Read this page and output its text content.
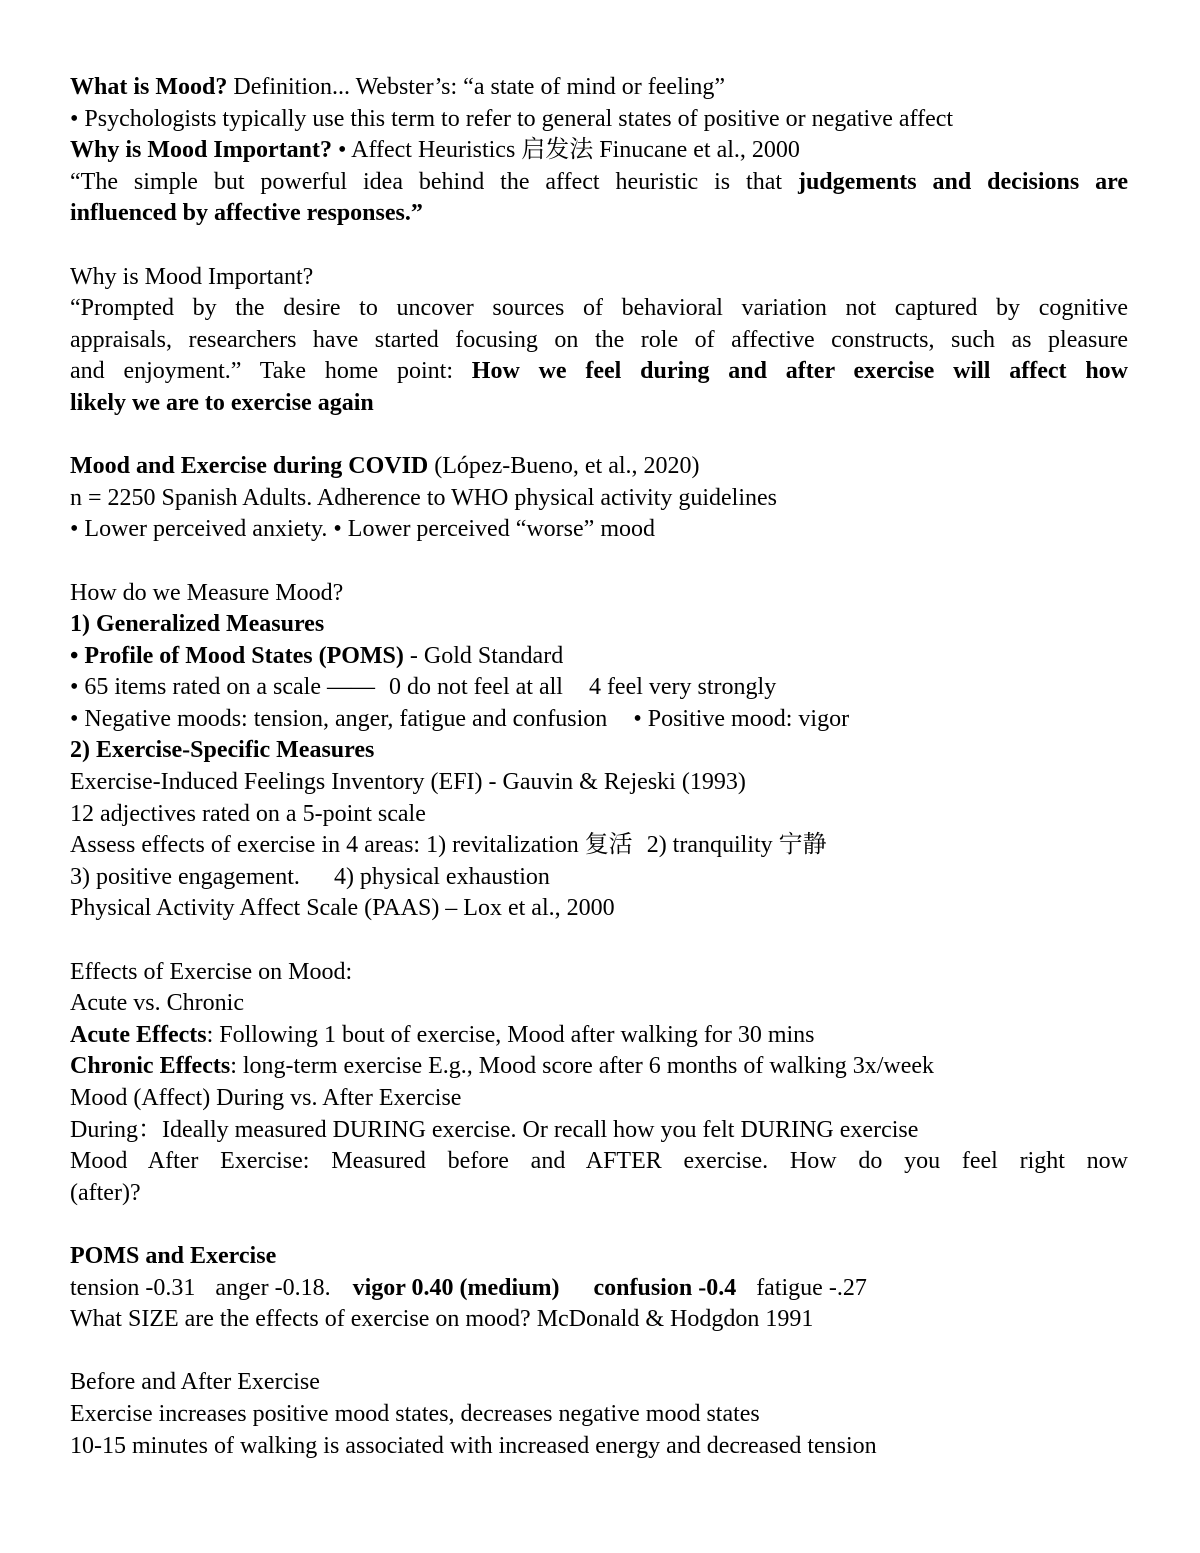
What is Mood? Definition... Webster’s: “a state of mind or feeling”
• Psychologists typically use this term to refer to general states of positive or negative affect
Why is Mood Important? • Affect Heuristics 启发法 Finucane et al., 2000
“The simple but powerful idea behind the affect heuristic is that judgements and decisions are
influenced by affective responses.”
Why is Mood Important?
“Prompted by the desire to uncover sources of behavioral variation not captured by cognitive
appraisals, researchers have started focusing on the role of affective constructs, such as pleasure
and enjoyment.” Take home point: How we feel during and after exercise will affect how
likely we are to exercise again
Mood and Exercise during COVID (López-Bueno, et al., 2020)
n = 2250 Spanish Adults. Adherence to WHO physical activity guidelines
• Lower perceived anxiety. • Lower perceived “worse” mood
How do we Measure Mood?
1) Generalized Measures
• Profile of Mood States (POMS) - Gold Standard
• 65 items rated on a scale —— 0 do not feel at all 4 feel very strongly
• Negative moods: tension, anger, fatigue and confusion • Positive mood: vigor
2) Exercise-Specific Measures
Exercise-Induced Feelings Inventory (EFI) - Gauvin & Rejeski (1993)
12 adjectives rated on a 5-point scale
Assess effects of exercise in 4 areas: 1) revitalization 复活 2) tranquility 宁静
3) positive engagement. 4) physical exhaustion
Physical Activity Affect Scale (PAAS) – Lox et al., 2000
Effects of Exercise on Mood:
Acute vs. Chronic
Acute Effects: Following 1 bout of exercise, Mood after walking for 30 mins
Chronic Effects: long-term exercise E.g., Mood score after 6 months of walking 3x/week
Mood (Affect) During vs. After Exercise
During：Ideally measured DURING exercise. Or recall how you felt DURING exercise
Mood After Exercise: Measured before and AFTER exercise. How do you feel right now
(after)?
POMS and Exercise
tension -0.31 anger -0.18. vigor 0.40 (medium) confusion -0.4 fatigue -.27
What SIZE are the effects of exercise on mood? McDonald & Hodgdon 1991
Before and After Exercise
Exercise increases positive mood states, decreases negative mood states
10-15 minutes of walking is associated with increased energy and decreased tension
